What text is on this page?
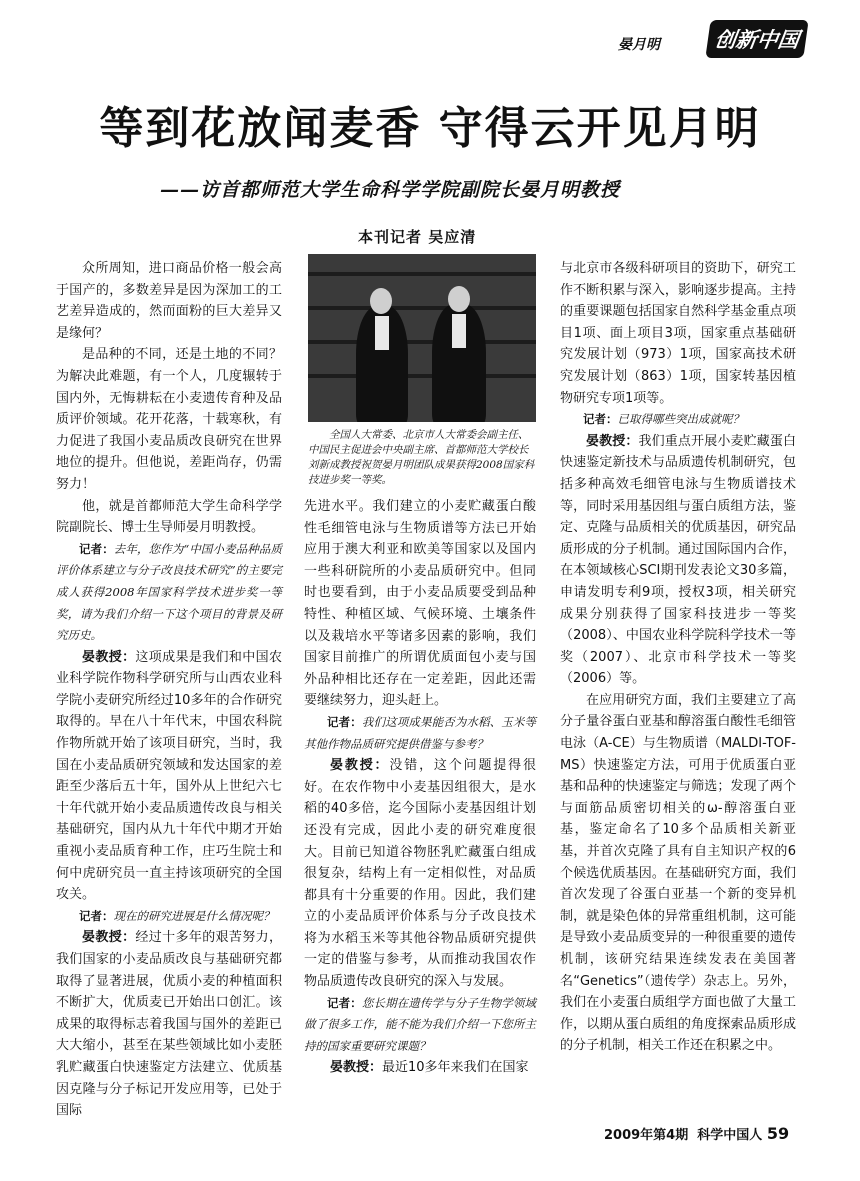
晏月明	创新中国
等到花放闻麦香 守得云开见月明
——访首都师范大学生命科学学院副院长晏月明教授
本刊记者 吴应清

众所周知，进口商品价格一般会高于国产的，多数差异是因为深加工的工艺差异造成的，然而面粉的巨大差异又是缘何？

是品种的不同，还是土地的不同？为解决此难题，有一个人，几度辗转于国内外，无悔耕耘在小麦遗传育种及品质评价领域。花开花落，十载寒秋，有力促进了我国小麦品质改良研究在世界地位的提升。但他说，差距尚存，仍需努力！

他，就是首都师范大学生命科学学院副院长、博士生导师晏月明教授。

记者：去年，您作为“中国小麦品种品质评价体系建立与分子改良技术研究”的主要完成人获得2008年国家科学技术进步奖一等奖，请为我们介绍一下这个项目的背景及研究历史。

晏教授：这项成果是我们和中国农业科学院作物科学研究所与山西农业科学院小麦研究所经过10多年的合作研究取得的。早在八十年代末，中国农科院作物所就开始了该项目研究，当时，我国在小麦品质研究领域和发达国家的差距至少落后五十年，国外从上世纪六七十年代就开始小麦品质遗传改良与相关基础研究，国内从九十年代中期才开始重视小麦品质育种工作，庄巧生院士和何中虎研究员一直主持该项研究的全国攻关。

记者：现在的研究进展是什么情况呢？

晏教授：经过十多年的艰苦努力，我们国家的小麦品质改良与基础研究都取得了显著进展，优质小麦的种植面积不断扩大，优质麦已开始出口创汇。该成果的取得标志着我国与国外的差距已大大缩小，甚至在某些领域比如小麦胚乳贮藏蛋白快速鉴定方法建立、优质基因克隆与分子标记开发应用等，已处于国际

全国人大常委、北京市人大常委会副主任、中国民主促进会中央副主席、首都师范大学校长刘新成教授祝贺晏月明团队成果获得2008国家科技进步奖一等奖。

先进水平。我们建立的小麦贮藏蛋白酸性毛细管电泳与生物质谱等方法已开始应用于澳大利亚和欧美等国家以及国内一些科研院所的小麦品质研究中。但同时也要看到，由于小麦品质要受到品种特性、种植区域、气候环境、土壤条件以及栽培水平等诸多因素的影响，我们国家目前推广的所谓优质面包小麦与国外品种相比还存在一定差距，因此还需要继续努力，迎头赶上。

记者：我们这项成果能否为水稻、玉米等其他作物品质研究提供借鉴与参考？

晏教授：没错，这个问题提得很好。在农作物中小麦基因组很大，是水稻的40多倍，迄今国际小麦基因组计划还没有完成，因此小麦的研究难度很大。目前已知道谷物胚乳贮藏蛋白组成很复杂，结构上有一定相似性，对品质都具有十分重要的作用。因此，我们建立的小麦品质评价体系与分子改良技术将为水稻玉米等其他谷物品质研究提供一定的借鉴与参考，从而推动我国农作物品质遗传改良研究的深入与发展。

记者：您长期在遗传学与分子生物学领域做了很多工作，能不能为我们介绍一下您所主持的国家重要研究课题？

晏教授：最近10多年来我们在国家

与北京市各级科研项目的资助下，研究工作不断积累与深入，影响逐步提高。主持的重要课题包括国家自然科学基金重点项目1项、面上项目3项，国家重点基础研究发展计划（973）1项，国家高技术研究发展计划（863）1项，国家转基因植物研究专项1项等。

记者：已取得哪些突出成就呢？

晏教授：我们重点开展小麦贮藏蛋白快速鉴定新技术与品质遗传机制研究，包括多种高效毛细管电泳与生物质谱技术等，同时采用基因组与蛋白质组方法，鉴定、克隆与品质相关的优质基因，研究品质形成的分子机制。通过国际国内合作，在本领域核心SCI期刊发表论文30多篇，申请发明专利9项，授权3项，相关研究成果分别获得了国家科技进步一等奖（2008）、中国农业科学院科学技术一等奖（2007）、北京市科学技术一等奖（2006）等。

在应用研究方面，我们主要建立了高分子量谷蛋白亚基和醇溶蛋白酸性毛细管电泳（A-CE）与生物质谱（MALDI-TOF-MS）快速鉴定方法，可用于优质蛋白亚基和品种的快速鉴定与筛选；发现了两个与面筋品质密切相关的ω-醇溶蛋白亚基，鉴定命名了10多个品质相关新亚基，并首次克隆了具有自主知识产权的6个候选优质基因。在基础研究方面，我们首次发现了谷蛋白亚基一个新的变异机制，就是染色体的异常重组机制，这可能是导致小麦品质变异的一种很重要的遗传机制，该研究结果连续发表在美国著名“Genetics”（遗传学）杂志上。另外，我们在小麦蛋白质组学方面也做了大量工作，以期从蛋白质组的角度探索品质形成的分子机制，相关工作还在积累之中。

2009年第4期 科学中国人 59
